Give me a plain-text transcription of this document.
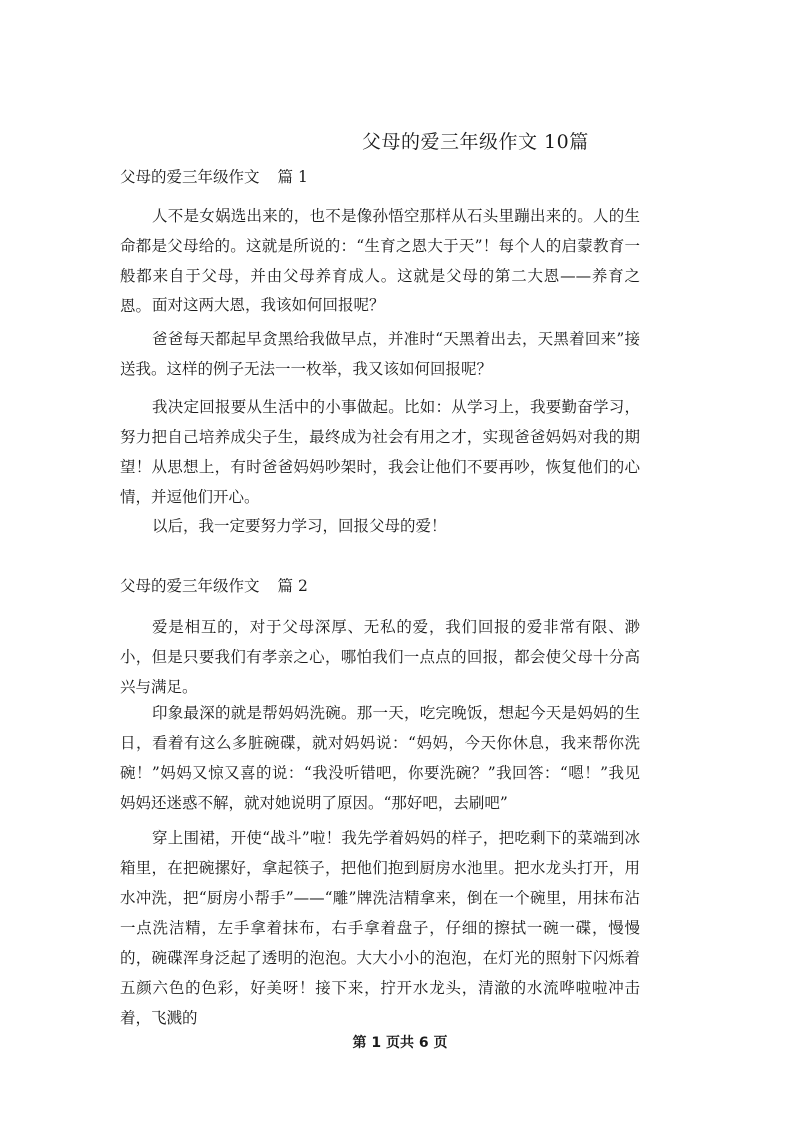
父母的爱三年级作文 10篇
父母的爱三年级作文 篇 1

人不是女娲选出来的，也不是像孙悟空那样从石头里蹦出来的。人的生命都是父母给的。这就是所说的：“生育之恩大于天”！每个人的启蒙教育一般都来自于父母，并由父母养育成人。这就是父母的第二大恩——养育之恩。 面对这两大恩，我该如何回报呢？

爸爸每天都起早贪黑给我做早点，并准时“天黑着出去，天黑着回来”接送我。这样的例子无法一一枚举，我又该如何回报呢？

我决定回报要从生活中的小事做起。比如：从学习上，我要勤奋学习，努力把自己培养成尖子生，最终成为社会有用之才，实现爸爸妈妈对我的期望！从思想上，有时爸爸妈妈吵架时，我会让他们不要再吵，恢复他们的心情，并逗他们开心。

以后，我一定要努力学习，回报父母的爱！

父母的爱三年级作文 篇 2

爱是相互的，对于父母深厚、无私的爱，我们回报的爱非常有限、渺小，但是只要我们有孝亲之心，哪怕我们一点点的回报，都会使父母十分高兴与满足。

印象最深的就是帮妈妈洗碗。那一天，吃完晚饭，想起今天是妈妈的生日，看着有这么多脏碗碟，就对妈妈说：“妈妈，今天你休息，我来帮你洗碗！”妈妈又惊又喜的说：“我没听错吧，你要洗碗？”我回答：“嗯！”我见妈妈还迷惑不解，就对她说明了原因。“那好吧，去刷吧”

穿上围裙，开使“战斗”啦！我先学着妈妈的样子，把吃剩下的菜端到冰箱里，在把碗摞好，拿起筷子，把他们抱到厨房水池里。把水龙头打开，用水冲洗，把“厨房小帮手”——“雕”牌洗洁精拿来，倒在一个碗里，用抹布沾一点洗洁精，左手拿着抹布，右手拿着盘子，仔细的擦拭一碗一碟，慢慢的，碗碟浑身泛起了透明的泡泡。大大小小的泡泡，在灯光的照射下闪烁着五颜六色的色彩，好美呀！接下来，拧开水龙头，清澈的水流哗啦啦冲击着，飞溅的

第 1 页共 6 页
